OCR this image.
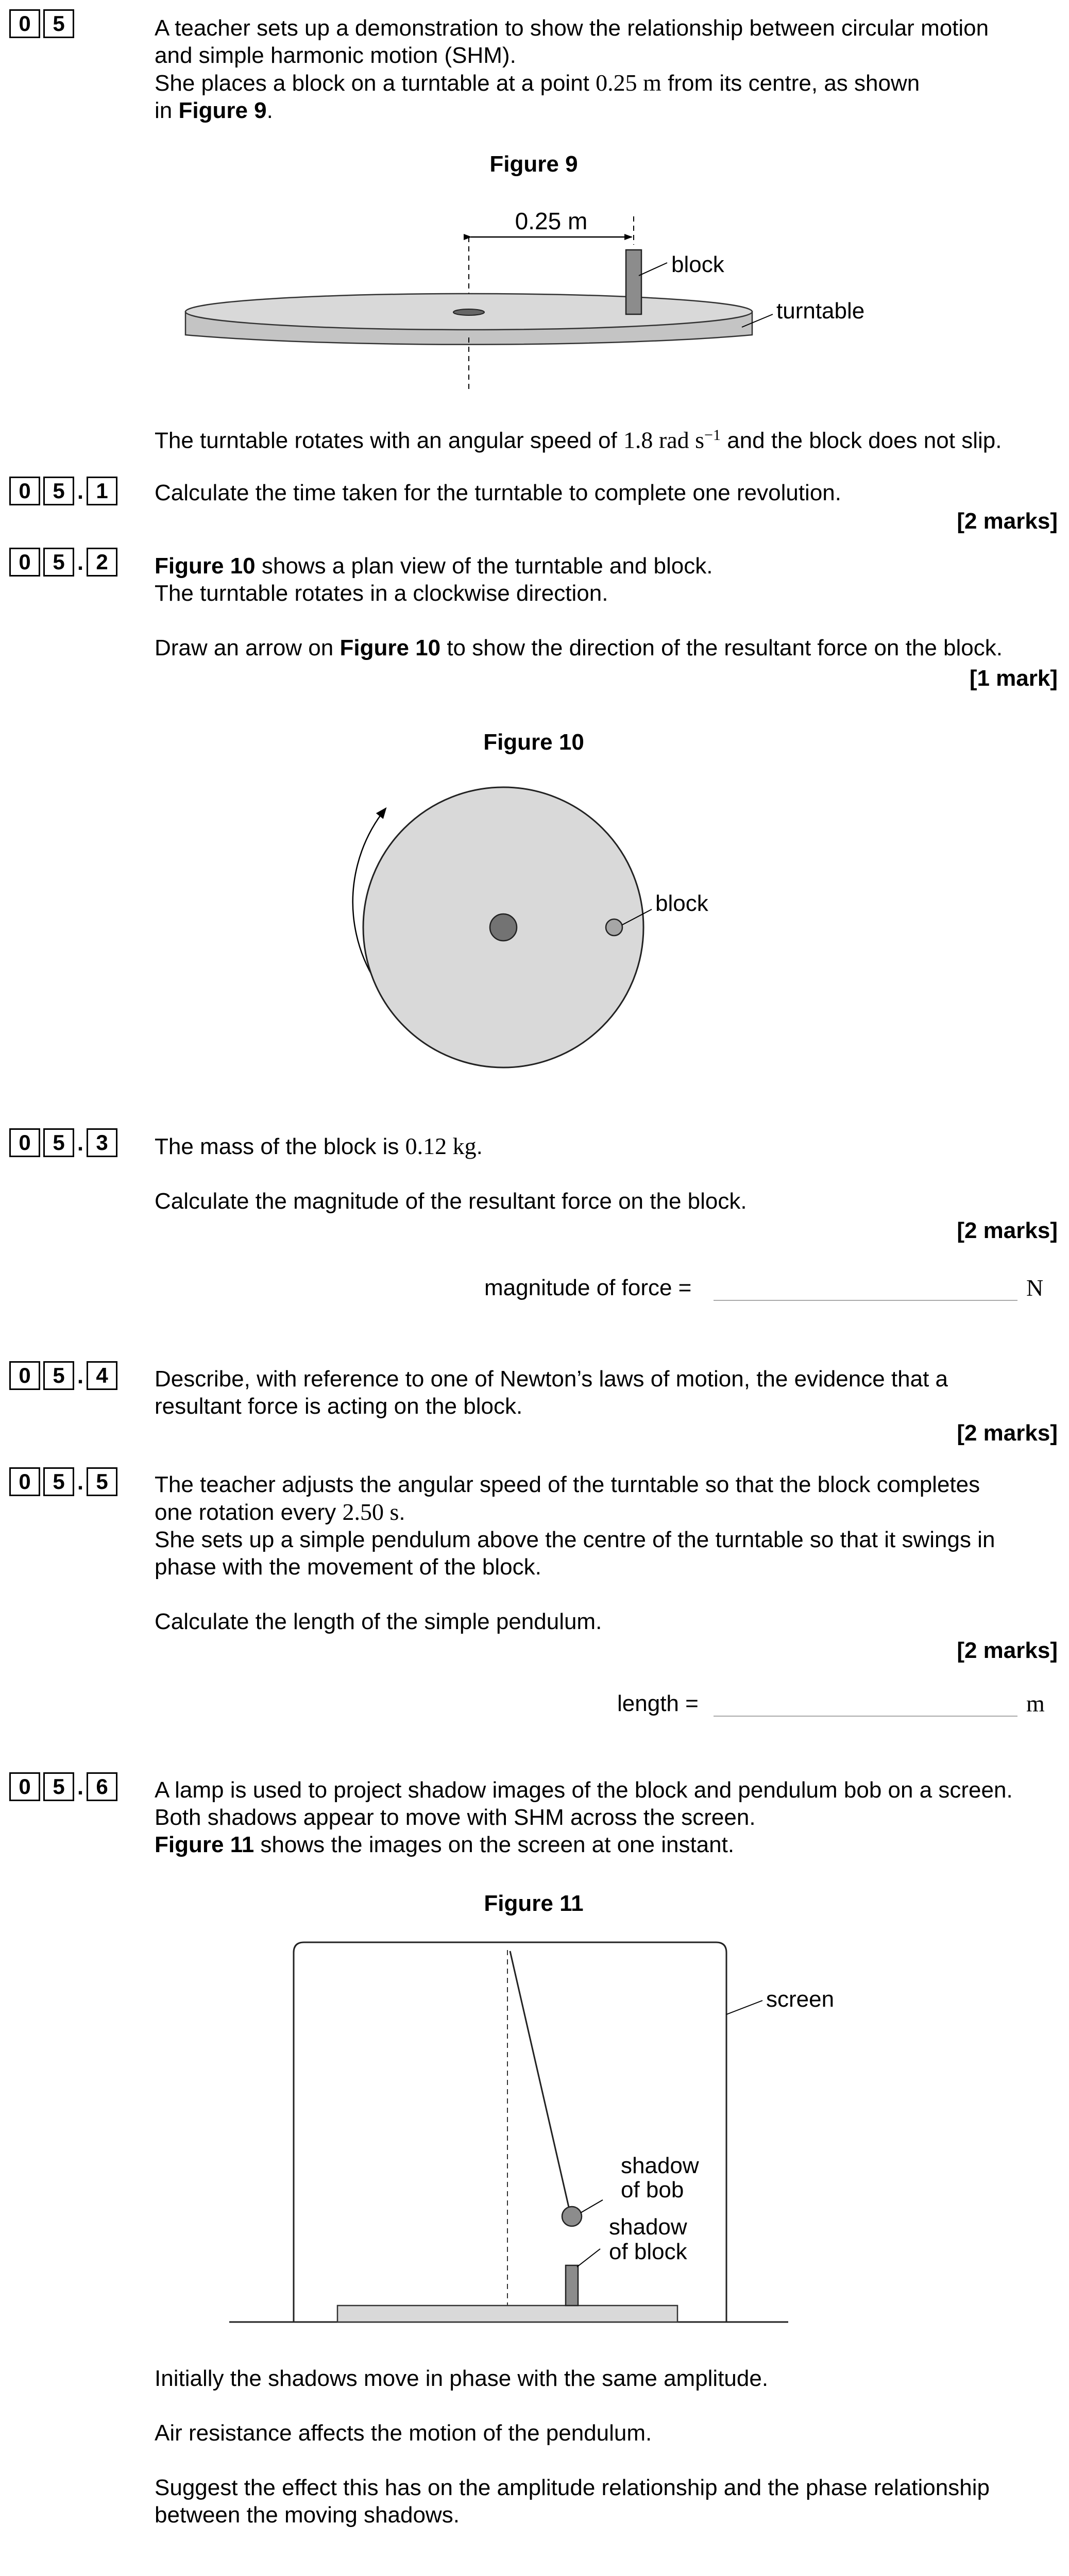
0	5	A teacher sets up a demonstration to show the relationship between circular motion

and simple harmonic motion (SHM).

She places a block on a turntable at a point 0.25 m from its centre, as shown

in Figure 9.

Figure 9
0.25 m
block
turntable

The turntable rotates with an angular speed of 1.8 rad $s^{-1}$ and the block does not slip.

0	5 . 1	Calculate the time taken for the turntable to complete one revolution.
[2 marks]
0	5 . 2	Figure 10 shows a plan view of the turntable and block.

The turntable rotates in a clockwise direction.

Draw an arrow on Figure 10 to show the direction of the resultant force on the block.

[1 mark]
Figure 10
block
0	5 . 3	The mass of the block is 0.12 kg.

Calculate the magnitude of the resultant force on the block.

[2 marks]
magnitude of force =	N
0	5 . 4	Describe, with reference to one of Newton’s laws of motion, the evidence that a

resultant force is acting on the block.

[2 marks]
0	5 . 5	The teacher adjusts the angular speed of the turntable so that the block completes

one rotation every 2.50 s.

She sets up a simple pendulum above the centre of the turntable so that it swings in

phase with the movement of the block.

Calculate the length of the simple pendulum.

[2 marks]
length =	m
0	5 . 6	A lamp is used to project shadow images of the block and pendulum bob on a screen.

Both shadows appear to move with SHM across the screen.

Figure 11 shows the images on the screen at one instant.

Figure 11
screen
shadow
of bob
shadow
of block

Initially the shadows move in phase with the same amplitude.

Air resistance affects the motion of the pendulum.

Suggest the effect this has on the amplitude relationship and the phase relationship

between the moving shadows.
